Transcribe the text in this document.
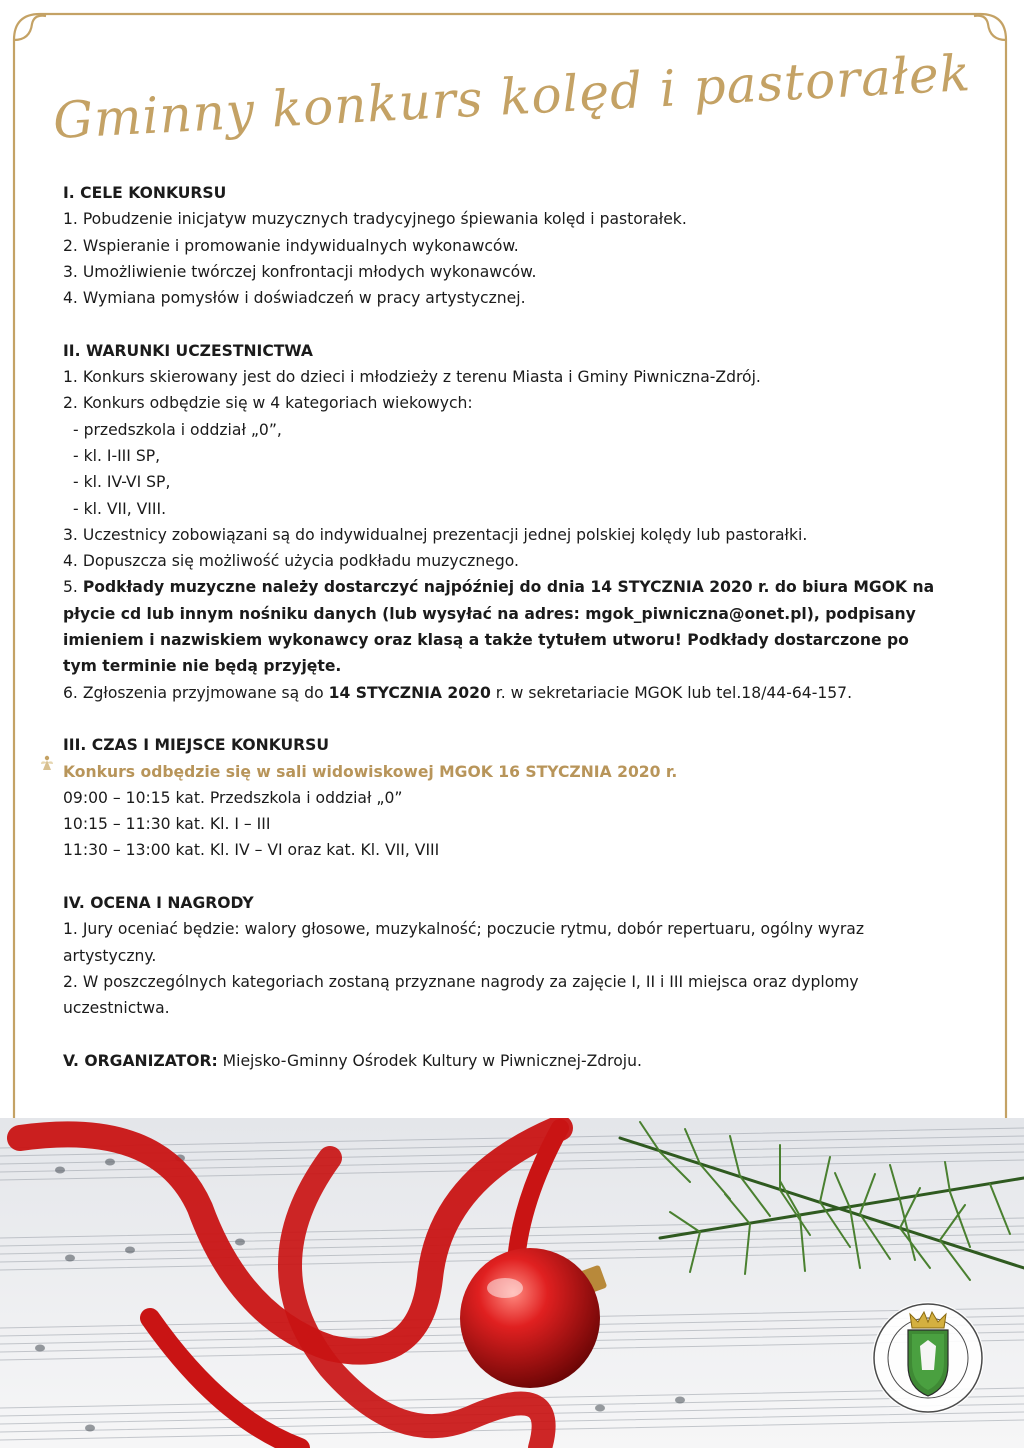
Gminny konkurs kolęd i pastorałek

I. CELE KONKURSU

1. Pobudzenie inicjatyw muzycznych tradycyjnego śpiewania kolęd i pastorałek.

2. Wspieranie i promowanie indywidualnych wykonawców.

3. Umożliwienie twórczej konfrontacji młodych wykonawców.

4. Wymiana pomysłów i doświadczeń w pracy artystycznej.

II. WARUNKI UCZESTNICTWA

1. Konkurs skierowany jest do dzieci i młodzieży z terenu Miasta i Gminy Piwniczna-Zdrój.

2. Konkurs odbędzie się w 4 kategoriach wiekowych:

- przedszkola i oddział „0”,

- kl. I-III SP,

- kl. IV-VI SP,

- kl. VII, VIII.

3. Uczestnicy zobowiązani są do indywidualnej prezentacji jednej polskiej kolędy lub pastorałki.

4. Dopuszcza się możliwość użycia podkładu muzycznego.

5. Podkłady muzyczne należy dostarczyć najpóźniej do dnia 14 STYCZNIA 2020 r. do biura MGOK na płycie cd lub innym nośniku danych (lub wysyłać na adres: mgok_piwniczna@onet.pl), podpisany imieniem i nazwiskiem wykonawcy oraz klasą a także tytułem utworu! Podkłady dostarczone po tym terminie nie będą przyjęte.

6. Zgłoszenia przyjmowane są do 14 STYCZNIA 2020 r. w sekretariacie MGOK lub tel.18/44-64-157.

III. CZAS I MIEJSCE KONKURSU

Konkurs odbędzie się w sali widowiskowej MGOK 16 STYCZNIA 2020 r.

09:00 – 10:15 kat. Przedszkola i oddział „0”

10:15 – 11:30 kat. Kl. I – III

11:30 – 13:00 kat. Kl. IV – VI oraz kat. Kl. VII, VIII

IV. OCENA I NAGRODY

1. Jury oceniać będzie: walory głosowe, muzykalność; poczucie rytmu, dobór repertuaru, ogólny wyraz artystyczny.

2. W poszczególnych kategoriach zostaną przyznane nagrody za zajęcie I, II i III miejsca oraz dyplomy uczestnictwa.

V. ORGANIZATOR: Miejsko-Gminny Ośrodek Kultury w Piwnicznej-Zdroju.
